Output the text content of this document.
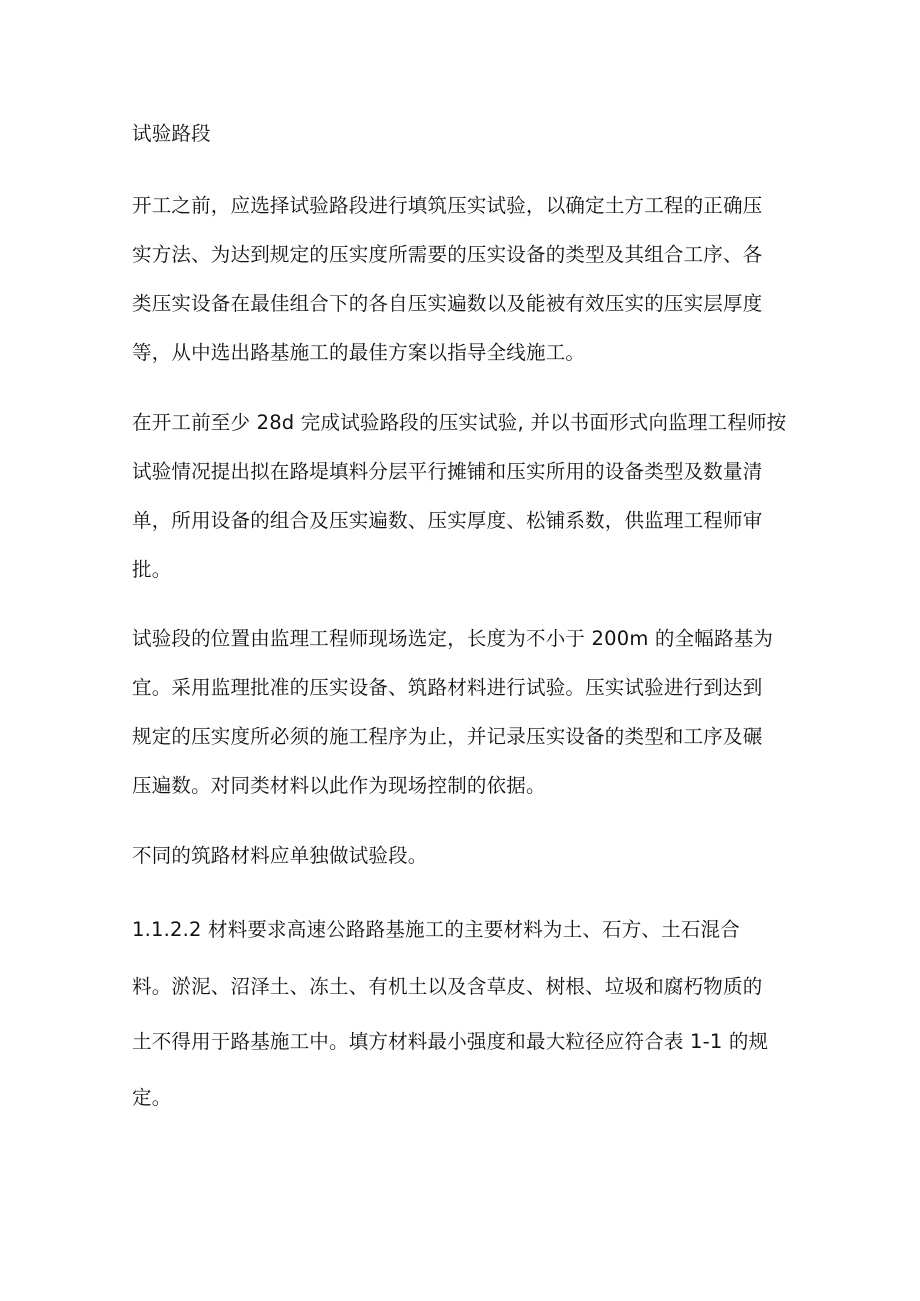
试验路段
开工之前，应选择试验路段进行填筑压实试验，以确定土方工程的正确压
实方法、为达到规定的压实度所需要的压实设备的类型及其组合工序、各
类压实设备在最佳组合下的各自压实遍数以及能被有效压实的压实层厚度
等，从中选出路基施工的最佳方案以指导全线施工。
在开工前至少 28d 完成试验路段的压实试验, 并以书面形式向监理工程师按
试验情况提出拟在路堤填料分层平行摊铺和压实所用的设备类型及数量清
单，所用设备的组合及压实遍数、压实厚度、松铺系数，供监理工程师审
批。
试验段的位置由监理工程师现场选定，长度为不小于 200m 的全幅路基为
宜。采用监理批准的压实设备、筑路材料进行试验。压实试验进行到达到
规定的压实度所必须的施工程序为止，并记录压实设备的类型和工序及碾
压遍数。对同类材料以此作为现场控制的依据。
不同的筑路材料应单独做试验段。
1.1.2.2 材料要求高速公路路基施工的主要材料为土、石方、土石混合
料。淤泥、沼泽土、冻土、有机土以及含草皮、树根、垃圾和腐朽物质的
土不得用于路基施工中。填方材料最小强度和最大粒径应符合表 1-1 的规
定。
